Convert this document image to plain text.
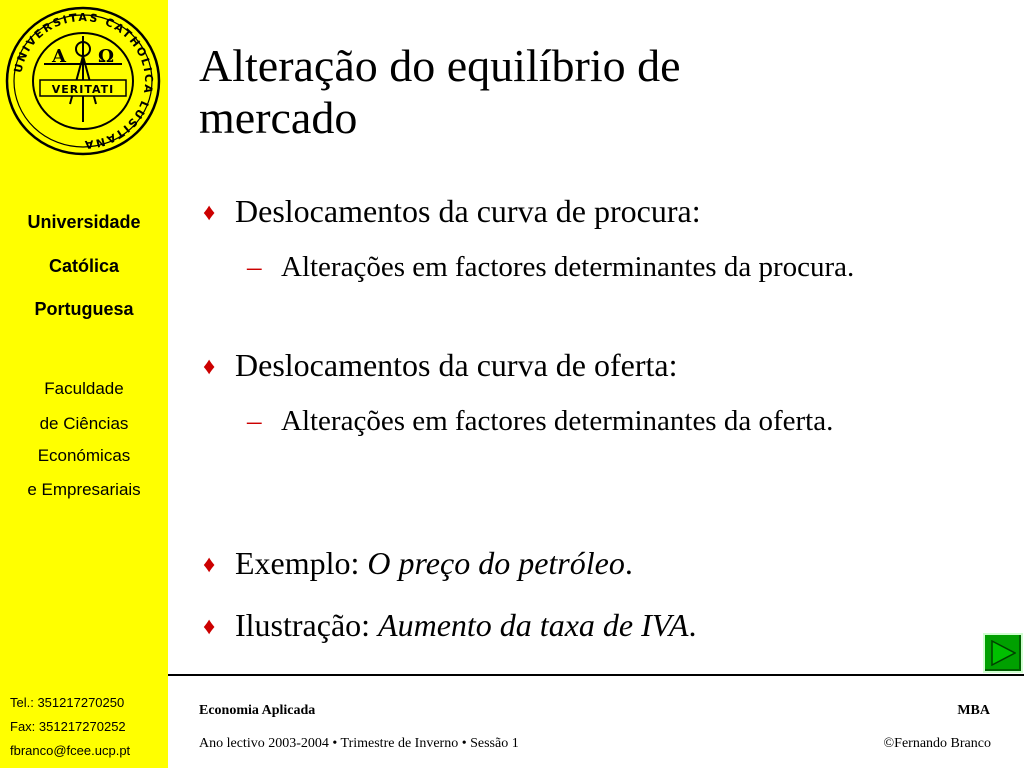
UNIVERSITAS CATHOLICA LUSITANA
A Ω
VERITATI
Universidade
Católica
Portuguesa
Faculdade
de Ciências
Económicas
e Empresariais
Tel.: 351217270250
Fax: 351217270252
fbranco@fcee.ucp.pt
Alteração do equilíbrio de
mercado
♦ Deslocamentos da curva de procura:
– Alterações em factores determinantes da procura.
♦ Deslocamentos da curva de oferta:
– Alterações em factores determinantes da oferta.
♦ Exemplo: O preço do petróleo.
♦ Ilustração: Aumento da taxa de IVA.
Economia Aplicada	MBA
Ano lectivo 2003-2004 • Trimestre de Inverno • Sessão 1	©Fernando Branco
